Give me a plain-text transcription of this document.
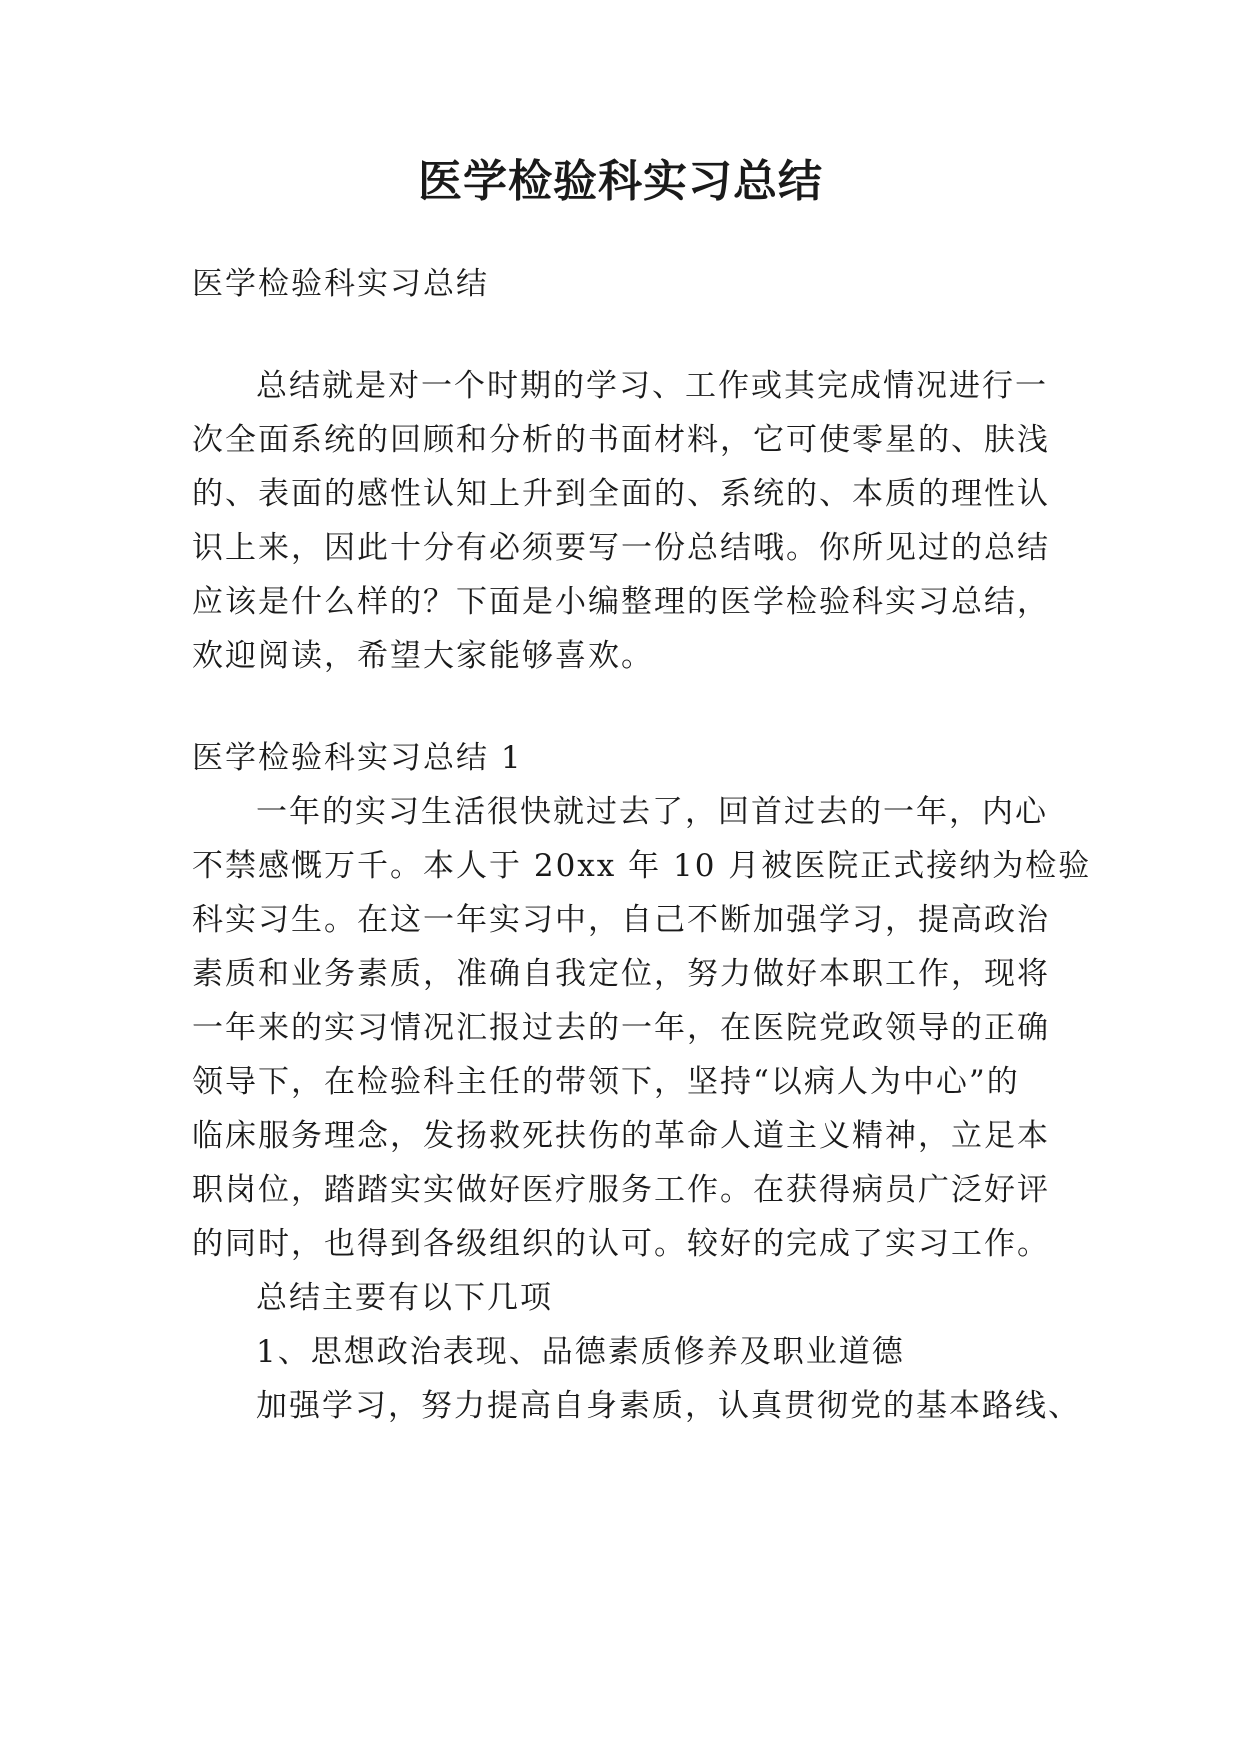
医学检验科实习总结

医学检验科实习总结

总结就是对一个时期的学习、工作或其完成情况进行一

次全面系统的回顾和分析的书面材料，它可使零星的、肤浅

的、表面的感性认知上升到全面的、系统的、本质的理性认

识上来，因此十分有必须要写一份总结哦。你所见过的总结

应该是什么样的？下面是小编整理的医学检验科实习总结，

欢迎阅读，希望大家能够喜欢。

医学检验科实习总结 1

一年的实习生活很快就过去了，回首过去的一年，内心

不禁感慨万千。本人于 20xx 年 10 月被医院正式接纳为检验

科实习生。在这一年实习中，自己不断加强学习，提高政治

素质和业务素质，准确自我定位，努力做好本职工作，现将

一年来的实习情况汇报过去的一年，在医院党政领导的正确

领导下，在检验科主任的带领下，坚持“以病人为中心”的

临床服务理念，发扬救死扶伤的革命人道主义精神，立足本

职岗位，踏踏实实做好医疗服务工作。在获得病员广泛好评

的同时，也得到各级组织的认可。较好的完成了实习工作。

总结主要有以下几项

1、思想政治表现、品德素质修养及职业道德

加强学习，努力提高自身素质，认真贯彻党的基本路线、
